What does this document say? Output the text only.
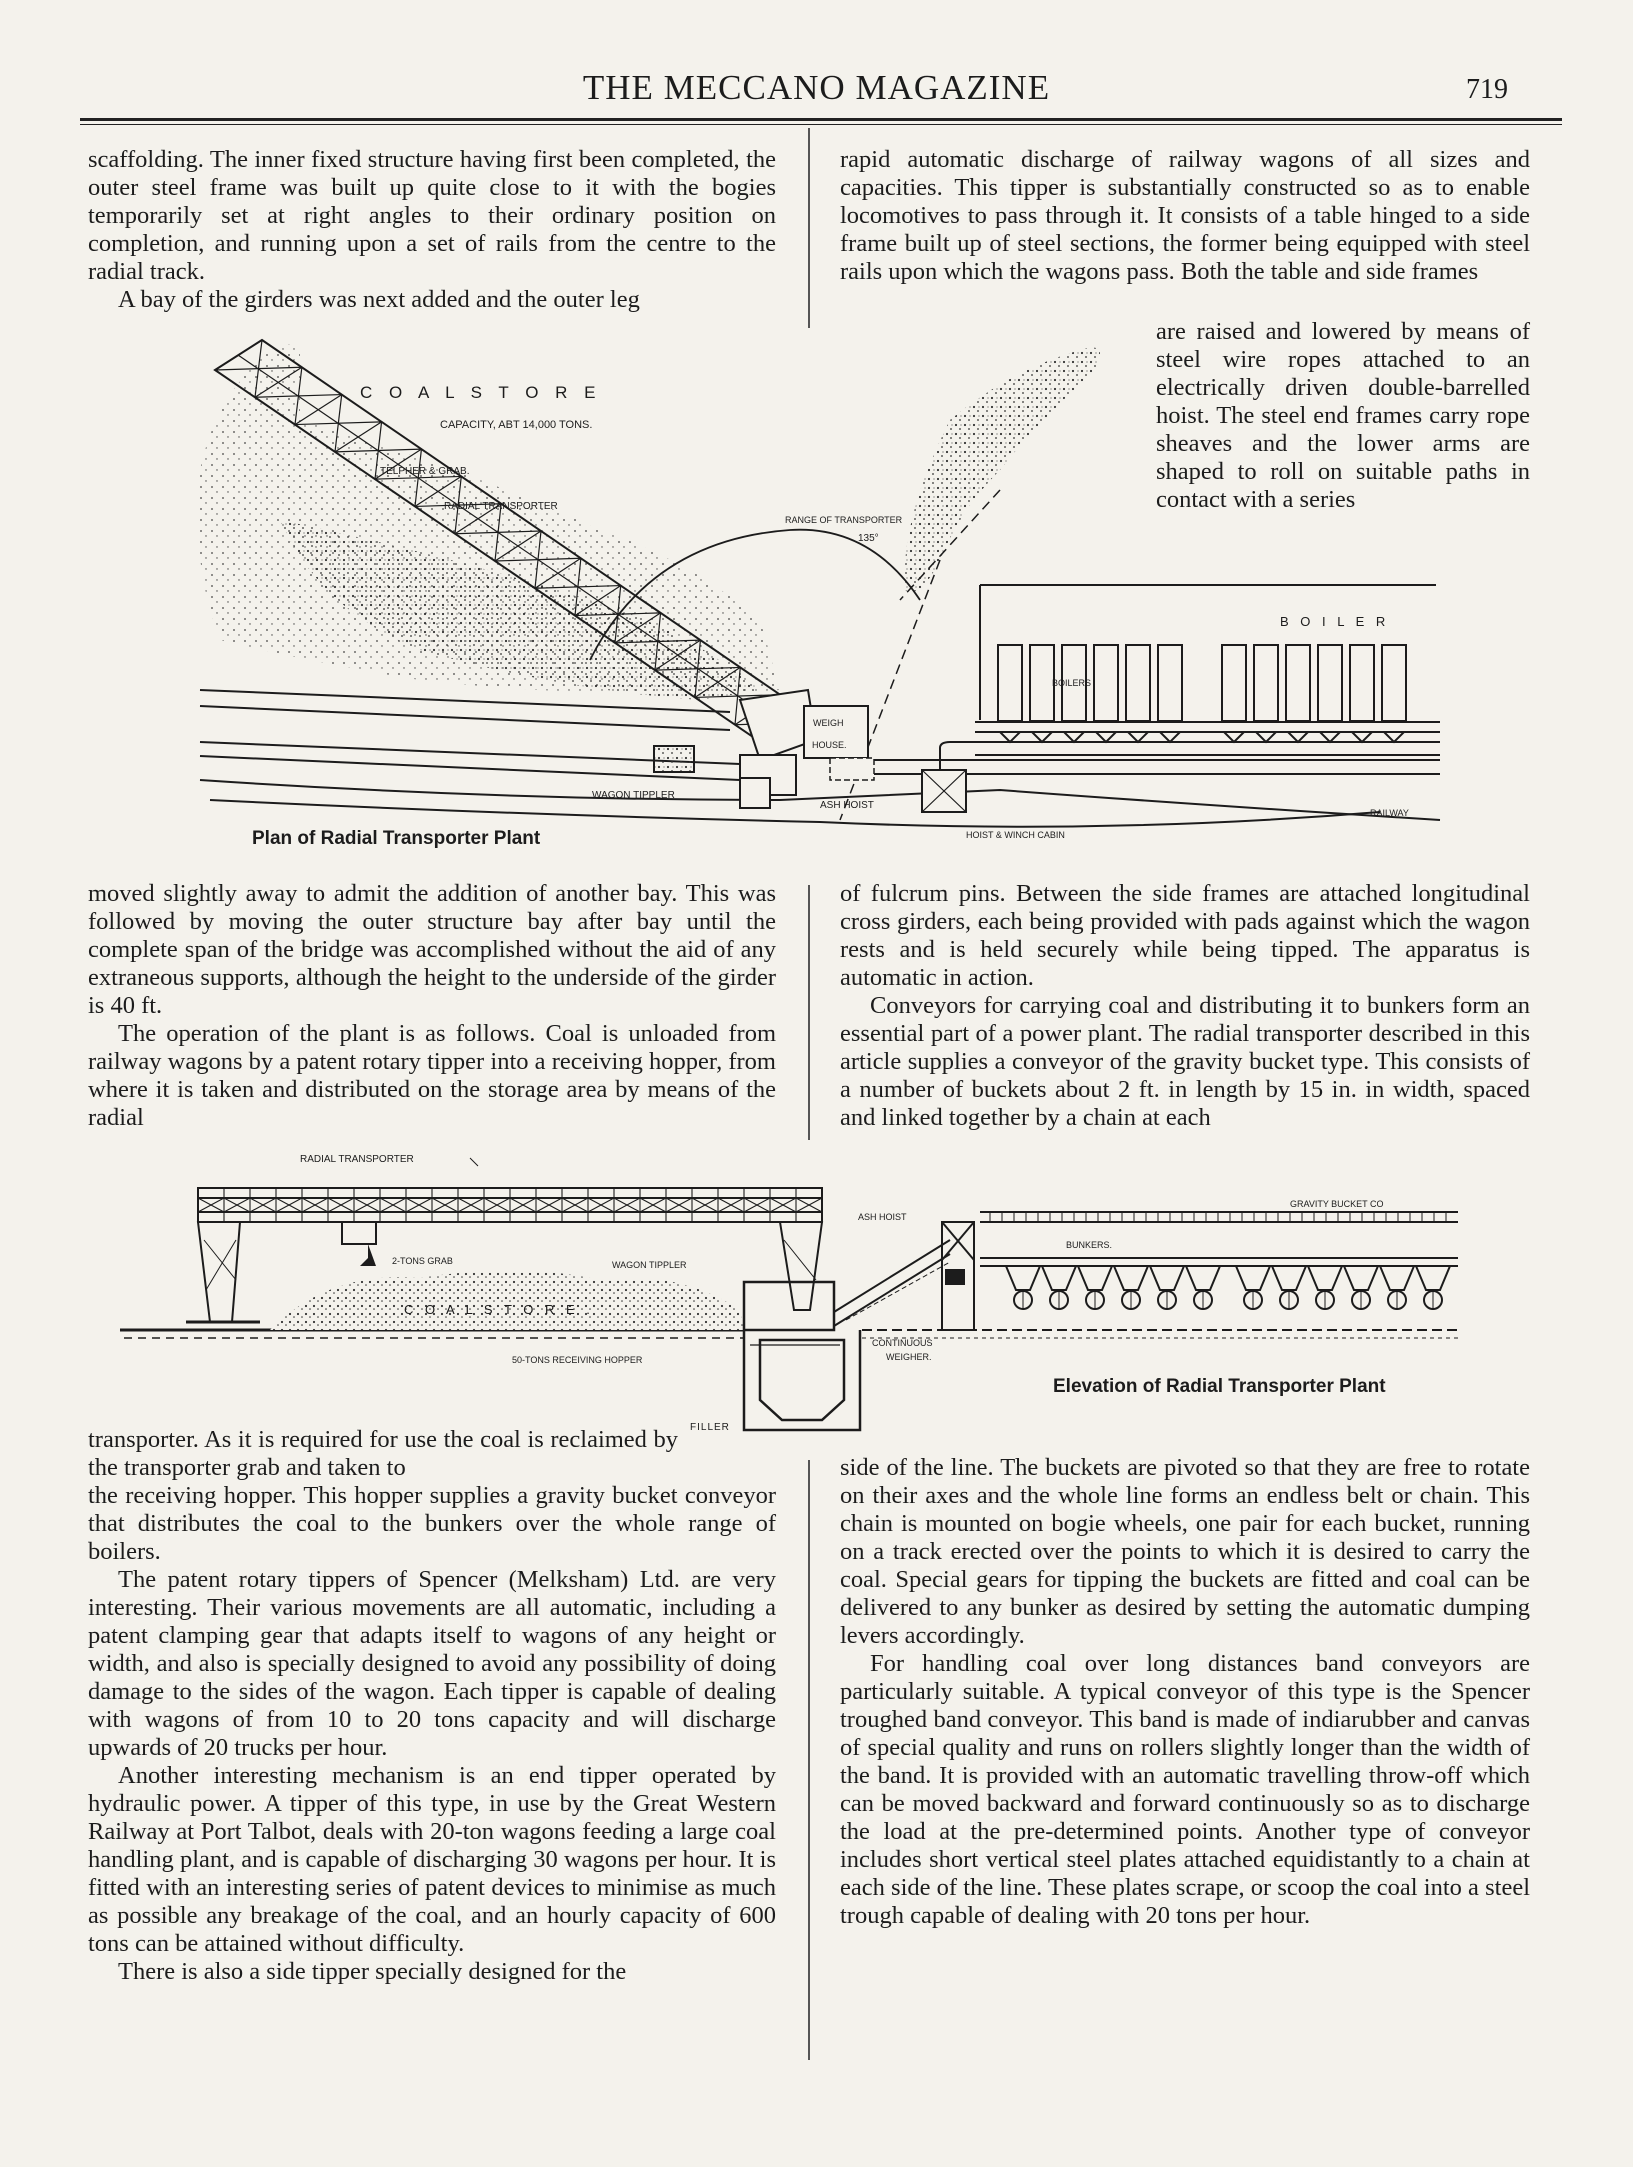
THE MECCANO MAGAZINE	719

scaffolding. The inner fixed structure having first been completed, the outer steel frame was built up quite close to it with the bogies temporarily set at right angles to their ordinary position on completion, and running upon a set of rails from the centre to the radial track.

A bay of the girders was next added and the outer leg

rapid automatic discharge of railway wagons of all sizes and capacities. This tipper is substantially constructed so as to enable locomotives to pass through it. It consists of a table hinged to a side frame built up of steel sections, the former being equipped with steel rails upon which the wagons pass. Both the table and side frames

are raised and lowered by means of steel wire ropes attached to an electrically driven double-barrelled hoist. The steel end frames carry rope sheaves and the lower arms are shaped to roll on suitable paths in contact with a series

C O A L S T O R E
CAPACITY, ABT 14,000 TONS.
TELPHER & GRAB.
RADIAL TRANSPORTER
RANGE OF TRANSPORTER
135°
B O I L E R
BOILERS
WEIGH
HOUSE.
WAGON TIPPLER
ASH HOIST
HOIST & WINCH CABIN
RAILWAY
Plan of Radial Transporter Plant

moved slightly away to admit the addition of another bay. This was followed by moving the outer structure bay after bay until the complete span of the bridge was accomplished without the aid of any extraneous supports, although the height to the underside of the girder is 40 ft.

The operation of the plant is as follows. Coal is unloaded from railway wagons by a patent rotary tipper into a receiving hopper, from where it is taken and distributed on the storage area by means of the radial

of fulcrum pins. Between the side frames are attached longitudinal cross girders, each being provided with pads against which the wagon rests and is held securely while being tipped. The apparatus is automatic in action.

Conveyors for carrying coal and distributing it to bunkers form an essential part of a power plant. The radial transporter described in this article supplies a conveyor of the gravity bucket type. This consists of a number of buckets about 2 ft. in length by 15 in. in width, spaced and linked together by a chain at each

RADIAL TRANSPORTER
2-TONS GRAB
C O A L S T O R E .
WAGON TIPPLER
50-TONS RECEIVING HOPPER
ASH HOIST
CONTINUOUS
WEIGHER.
GRAVITY BUCKET CO
BUNKERS.
Elevation of Radial Transporter Plant
FILLER

transporter. As it is required for use the coal is reclaimed by the transporter grab and taken to

the receiving hopper. This hopper supplies a gravity bucket conveyor that distributes the coal to the bunkers over the whole range of boilers.

The patent rotary tippers of Spencer (Melksham) Ltd. are very interesting. Their various movements are all automatic, including a patent clamping gear that adapts itself to wagons of any height or width, and also is specially designed to avoid any possibility of doing damage to the sides of the wagon. Each tipper is capable of dealing with wagons of from 10 to 20 tons capacity and will discharge upwards of 20 trucks per hour.

Another interesting mechanism is an end tipper operated by hydraulic power. A tipper of this type, in use by the Great Western Railway at Port Talbot, deals with 20-ton wagons feeding a large coal handling plant, and is capable of discharging 30 wagons per hour. It is fitted with an interesting series of patent devices to minimise as much as possible any breakage of the coal, and an hourly capacity of 600 tons can be attained without difficulty.

There is also a side tipper specially designed for the

side of the line. The buckets are pivoted so that they are free to rotate on their axes and the whole line forms an endless belt or chain. This chain is mounted on bogie wheels, one pair for each bucket, running on a track erected over the points to which it is desired to carry the coal. Special gears for tipping the buckets are fitted and coal can be delivered to any bunker as desired by setting the automatic dumping levers accordingly.

For handling coal over long distances band conveyors are particularly suitable. A typical conveyor of this type is the Spencer troughed band conveyor. This band is made of indiarubber and canvas of special quality and runs on rollers slightly longer than the width of the band. It is provided with an automatic travelling throw-off which can be moved backward and forward continuously so as to discharge the load at the pre-determined points. Another type of conveyor includes short vertical steel plates attached equidistantly to a chain at each side of the line. These plates scrape, or scoop the coal into a steel trough capable of dealing with 20 tons per hour.
